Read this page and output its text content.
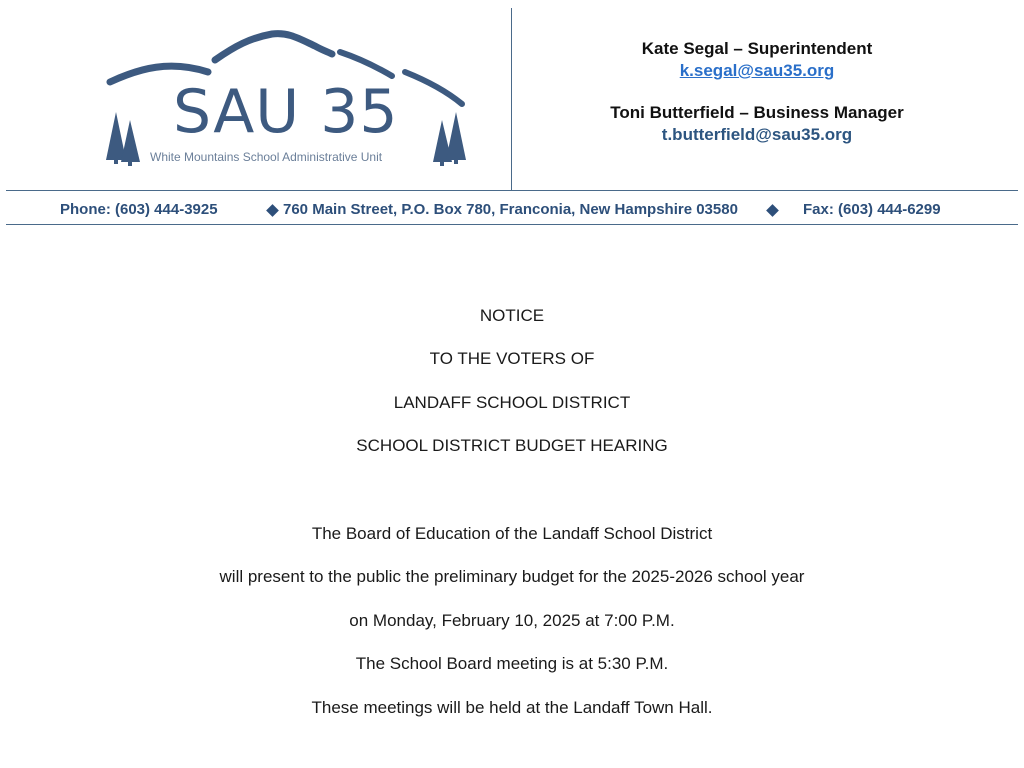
SAU 35
White Mountains School Administrative Unit
Kate Segal – Superintendent
k.segal@sau35.org
Toni Butterfield – Business Manager
t.butterfield@sau35.org
Phone: (603) 444-3925	760 Main Street, P.O. Box 780, Franconia, New Hampshire 03580	Fax: (603) 444-6299
NOTICE
TO THE VOTERS OF
LANDAFF SCHOOL DISTRICT
SCHOOL DISTRICT BUDGET HEARING
The Board of Education of the Landaff School District
will present to the public the preliminary budget for the 2025-2026 school year
on Monday, February 10, 2025 at 7:00 P.M.
The School Board meeting is at 5:30 P.M.
These meetings will be held at the Landaff Town Hall.
